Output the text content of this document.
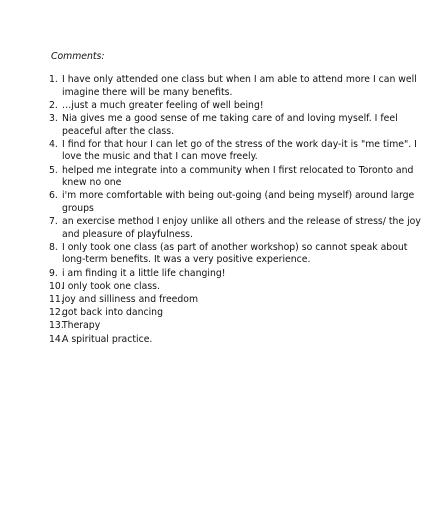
Comments:
1. I have only attended one class but when I am able to attend more I can well imagine there will be many benefits.
2. …just a much greater feeling of well being!
3. Nia gives me a good sense of me taking care of and loving myself. I feel peaceful after the class.
4. I find for that hour I can let go of the stress of the work day-it is "me time". I love the music and that I can move freely.
5. helped me integrate into a community when I first relocated to Toronto and knew no one
6. i'm more comfortable with being out-going (and being myself) around large groups
7. an exercise method I enjoy unlike all others and the release of stress/ the joy and pleasure of playfulness.
8. I only took one class (as part of another workshop) so cannot speak about long-term benefits. It was a very positive experience.
9. i am finding it a little life changing!
10.
I only took one class.
11.
joy and silliness and freedom
12.
got back into dancing
13.
Therapy
14.
A spiritual practice.
